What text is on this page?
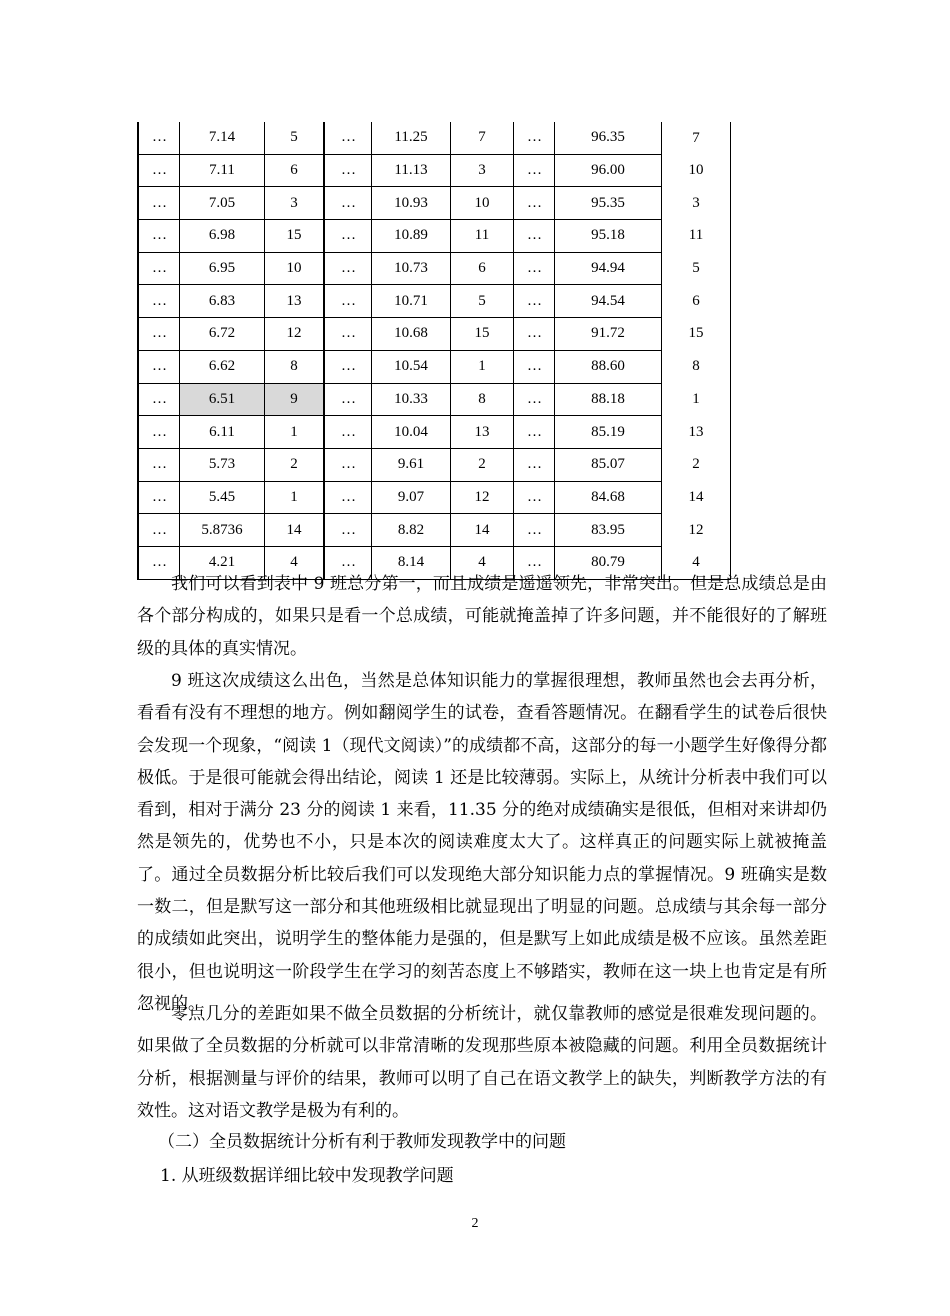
…	7.14	5	…	11.25	7	…	96.35	7
…	7.11	6	…	11.13	3	…	96.00	10
…	7.05	3	…	10.93	10	…	95.35	3
…	6.98	15	…	10.89	11	…	95.18	11
…	6.95	10	…	10.73	6	…	94.94	5
…	6.83	13	…	10.71	5	…	94.54	6
…	6.72	12	…	10.68	15	…	91.72	15
…	6.62	8	…	10.54	1	…	88.60	8
…	6.51	9	…	10.33	8	…	88.18	1
…	6.11	1	…	10.04	13	…	85.19	13
…	5.73	2	…	9.61	2	…	85.07	2
…	5.45	1	…	9.07	12	…	84.68	14
…	5.8736	14	…	8.82	14	…	83.95	12
…	4.21	4	…	8.14	4	…	80.79	4

我们可以看到表中 9 班总分第一，而且成绩是遥遥领先，非常突出。但是总成绩总是由各个部分构成的，如果只是看一个总成绩，可能就掩盖掉了许多问题，并不能很好的了解班级的具体的真实情况。

9 班这次成绩这么出色，当然是总体知识能力的掌握很理想，教师虽然也会去再分析，看看有没有不理想的地方。例如翻阅学生的试卷，查看答题情况。在翻看学生的试卷后很快会发现一个现象，“阅读 1（现代文阅读）”的成绩都不高，这部分的每一小题学生好像得分都极低。于是很可能就会得出结论，阅读 1 还是比较薄弱。实际上，从统计分析表中我们可以看到，相对于满分 23 分的阅读 1 来看，11.35 分的绝对成绩确实是很低，但相对来讲却仍然是领先的，优势也不小，只是本次的阅读难度太大了。这样真正的问题实际上就被掩盖了。通过全员数据分析比较后我们可以发现绝大部分知识能力点的掌握情况。9 班确实是数一数二，但是默写这一部分和其他班级相比就显现出了明显的问题。总成绩与其余每一部分的成绩如此突出，说明学生的整体能力是强的，但是默写上如此成绩是极不应该。虽然差距很小，但也说明这一阶段学生在学习的刻苦态度上不够踏实，教师在这一块上也肯定是有所忽视的。

零点几分的差距如果不做全员数据的分析统计，就仅靠教师的感觉是很难发现问题的。如果做了全员数据的分析就可以非常清晰的发现那些原本被隐藏的问题。利用全员数据统计分析，根据测量与评价的结果，教师可以明了自己在语文教学上的缺失，判断教学方法的有效性。这对语文教学是极为有利的。

（二）全员数据统计分析有利于教师发现教学中的问题

1. 从班级数据详细比较中发现教学问题

2
